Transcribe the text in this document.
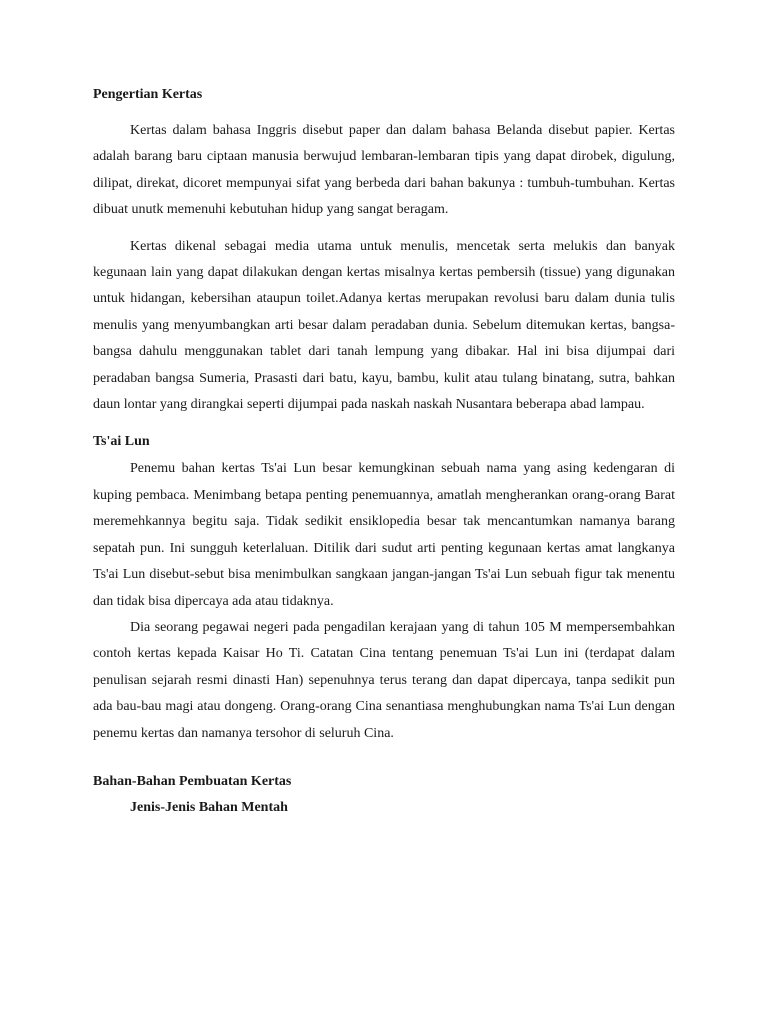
Pengertian Kertas

Kertas dalam bahasa Inggris disebut paper dan dalam bahasa Belanda disebut papier. Kertas adalah barang baru ciptaan manusia berwujud lembaran-lembaran tipis yang dapat dirobek, digulung, dilipat, direkat, dicoret mempunyai sifat yang berbeda dari bahan bakunya : tumbuh-tumbuhan. Kertas dibuat unutk memenuhi kebutuhan hidup yang sangat beragam.

Kertas dikenal sebagai media utama untuk menulis, mencetak serta melukis dan banyak kegunaan lain yang dapat dilakukan dengan kertas misalnya kertas pembersih (tissue) yang digunakan untuk hidangan, kebersihan ataupun toilet.Adanya kertas merupakan revolusi baru dalam dunia tulis menulis yang menyumbangkan arti besar dalam peradaban dunia. Sebelum ditemukan kertas, bangsa-bangsa dahulu menggunakan tablet dari tanah lempung yang dibakar. Hal ini bisa dijumpai dari peradaban bangsa Sumeria, Prasasti dari batu, kayu, bambu, kulit atau tulang binatang, sutra, bahkan daun lontar yang dirangkai seperti dijumpai pada naskah naskah Nusantara beberapa abad lampau.

Ts'ai Lun

Penemu bahan kertas Ts'ai Lun besar kemungkinan sebuah nama yang asing kedengaran di kuping pembaca. Menimbang betapa penting penemuannya, amatlah mengherankan orang-orang Barat meremehkannya begitu saja. Tidak sedikit ensiklopedia besar tak mencantumkan namanya barang sepatah pun. Ini sungguh keterlaluan. Ditilik dari sudut arti penting kegunaan kertas amat langkanya Ts'ai Lun disebut-sebut bisa menimbulkan sangkaan jangan-jangan Ts'ai Lun sebuah figur tak menentu dan tidak bisa dipercaya ada atau tidaknya.

Dia seorang pegawai negeri pada pengadilan kerajaan yang di tahun 105 M mempersembahkan contoh kertas kepada Kaisar Ho Ti. Catatan Cina tentang penemuan Ts'ai Lun ini (terdapat dalam penulisan sejarah resmi dinasti Han) sepenuhnya terus terang dan dapat dipercaya, tanpa sedikit pun ada bau-bau magi atau dongeng. Orang-orang Cina senantiasa menghubungkan nama Ts'ai Lun dengan penemu kertas dan namanya tersohor di seluruh Cina.

Bahan-Bahan Pembuatan Kertas
Jenis-Jenis Bahan Mentah
